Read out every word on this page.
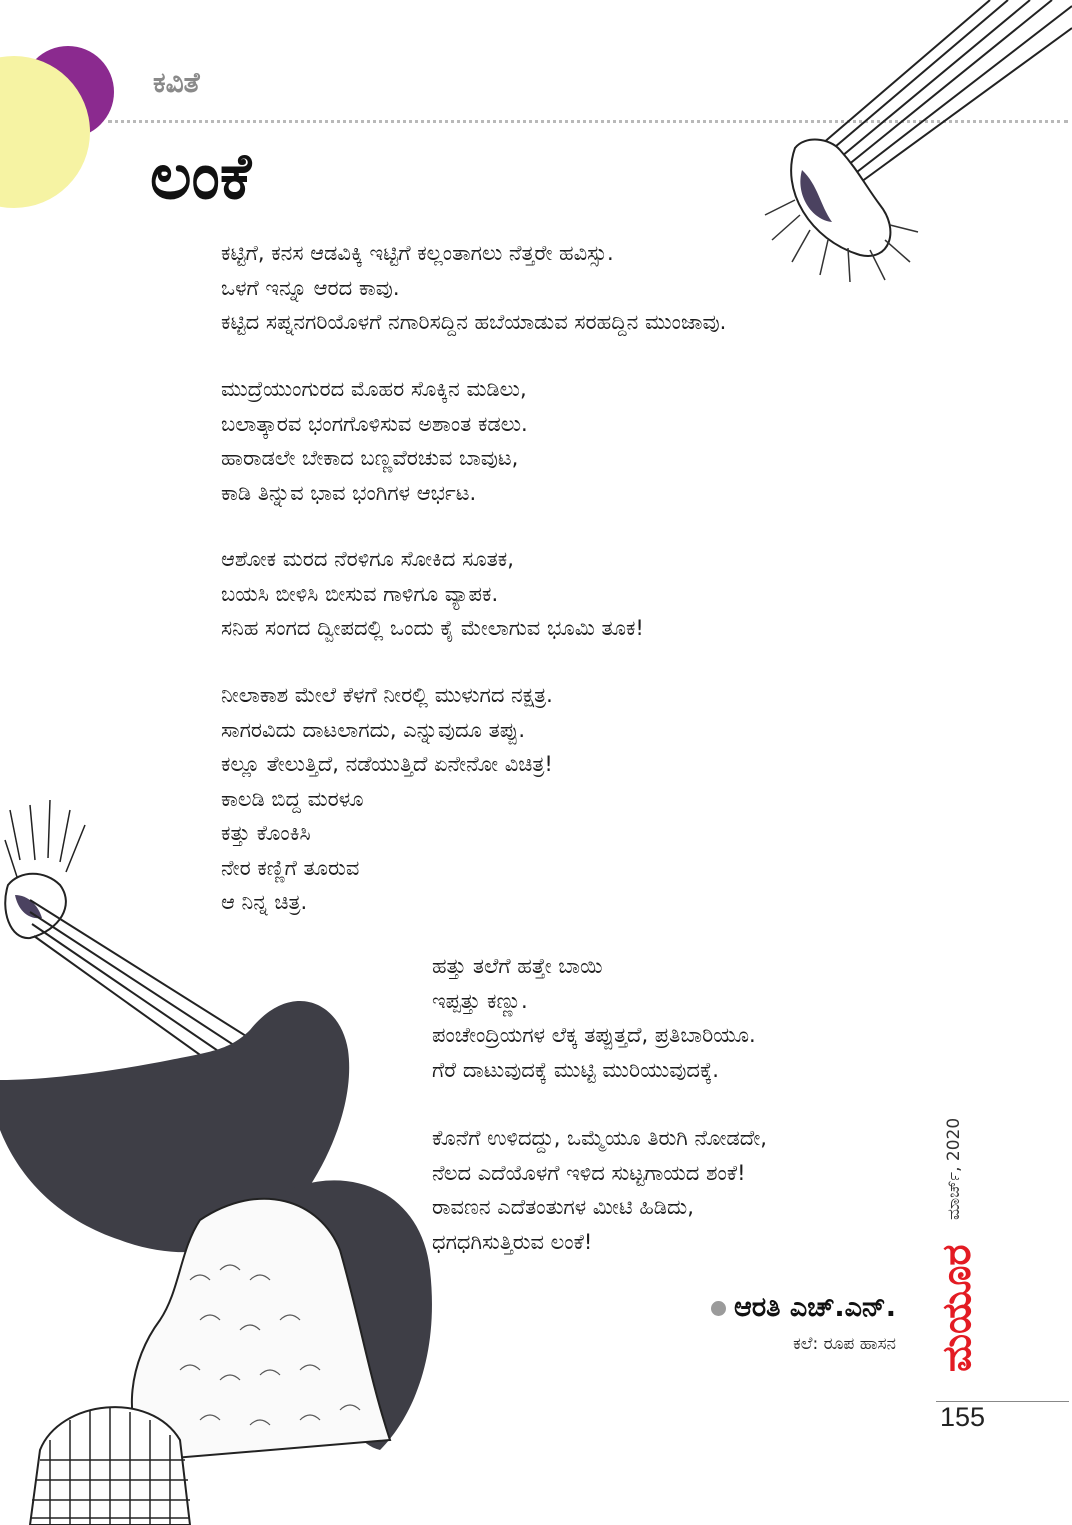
ಕವಿತೆ
ಲಂಕೆ
ಕಟ್ಟಿಗೆ, ಕನಸ ಆಡವಿಕ್ಕಿ ಇಟ್ಟಿಗೆ ಕಲ್ಲಂತಾಗಲು ನೆತ್ತರೇ ಹವಿಸ್ಸು.
ಒಳಗೆ ಇನ್ನೂ ಆರದ ಕಾವು.
ಕಟ್ಟಿದ ಸಪ್ನನಗರಿಯೊಳಗೆ ನಗಾರಿಸದ್ದಿನ ಹಬೆಯಾಡುವ ಸರಹದ್ದಿನ ಮುಂಜಾವು.
ಮುದ್ರೆಯುಂಗುರದ ಮೊಹರ ಸೊಕ್ಕಿನ ಮಡಿಲು,
ಬಲಾತ್ಕಾರವ ಭಂಗಗೊಳಿಸುವ ಅಶಾಂತ ಕಡಲು.
ಹಾರಾಡಲೇ ಬೇಕಾದ ಬಣ್ಣವೆರಚುವ ಬಾವುಟ,
ಕಾಡಿ ತಿನ್ನುವ ಭಾವ ಭಂಗಿಗಳ ಆರ್ಭಟ.
ಆಶೋಕ ಮರದ ನೆರಳಿಗೂ ಸೋಕಿದ ಸೂತಕ,
ಬಯಸಿ ಬೀಳಿಸಿ ಬೀಸುವ ಗಾಳಿಗೂ ವ್ಯಾಪಕ.
ಸನಿಹ ಸಂಗದ ದ್ವೀಪದಲ್ಲಿ ಒಂದು ಕೈ ಮೇಲಾಗುವ ಭೂಮಿ ತೂಕ!
ನೀಲಾಕಾಶ ಮೇಲೆ ಕೆಳಗೆ ನೀರಲ್ಲಿ ಮುಳುಗದ ನಕ್ಷತ್ರ.
ಸಾಗರವಿದು ದಾಟಲಾಗದು, ಎನ್ನುವುದೂ ತಪ್ಪು.
ಕಲ್ಲೂ ತೇಲುತ್ತಿದೆ, ನಡೆಯುತ್ತಿದೆ ಏನೇನೋ ವಿಚಿತ್ರ!
ಕಾಲಡಿ ಬಿದ್ದ ಮರಳೂ
ಕತ್ತು ಕೊಂಕಿಸಿ
ನೇರ ಕಣ್ಣಿಗೆ ತೂರುವ
ಆ ನಿನ್ನ ಚಿತ್ರ.
ಹತ್ತು ತಲೆಗೆ ಹತ್ತೇ ಬಾಯಿ
ಇಪ್ಪತ್ತು ಕಣ್ಣು.
ಪಂಚೇಂದ್ರಿಯಗಳ ಲೆಕ್ಕ ತಪ್ಪುತ್ತದೆ, ಪ್ರತಿಬಾರಿಯೂ.
ಗೆರೆ ದಾಟುವುದಕ್ಕೆ ಮುಟ್ಟಿ ಮುರಿಯುವುದಕ್ಕೆ.
ಕೊನೆಗೆ ಉಳಿದದ್ದು, ಒಮ್ಮೆಯೂ ತಿರುಗಿ ನೋಡದೇ,
ನೆಲದ ಎದೆಯೊಳಗೆ ಇಳಿದ ಸುಟ್ಟಗಾಯದ ಶಂಕೆ!
ರಾವಣನ ಎದೆತಂತುಗಳ ಮೀಟಿ ಹಿಡಿದು,
ಧಗಧಗಿಸುತ್ತಿರುವ ಲಂಕೆ!
ಆರತಿ ಎಚ್.ಎನ್.
ಕಲೆ: ರೂಪ ಹಾಸನ
ಮಾರ್ಚ್, 2020
ಮಯೂರ
155
